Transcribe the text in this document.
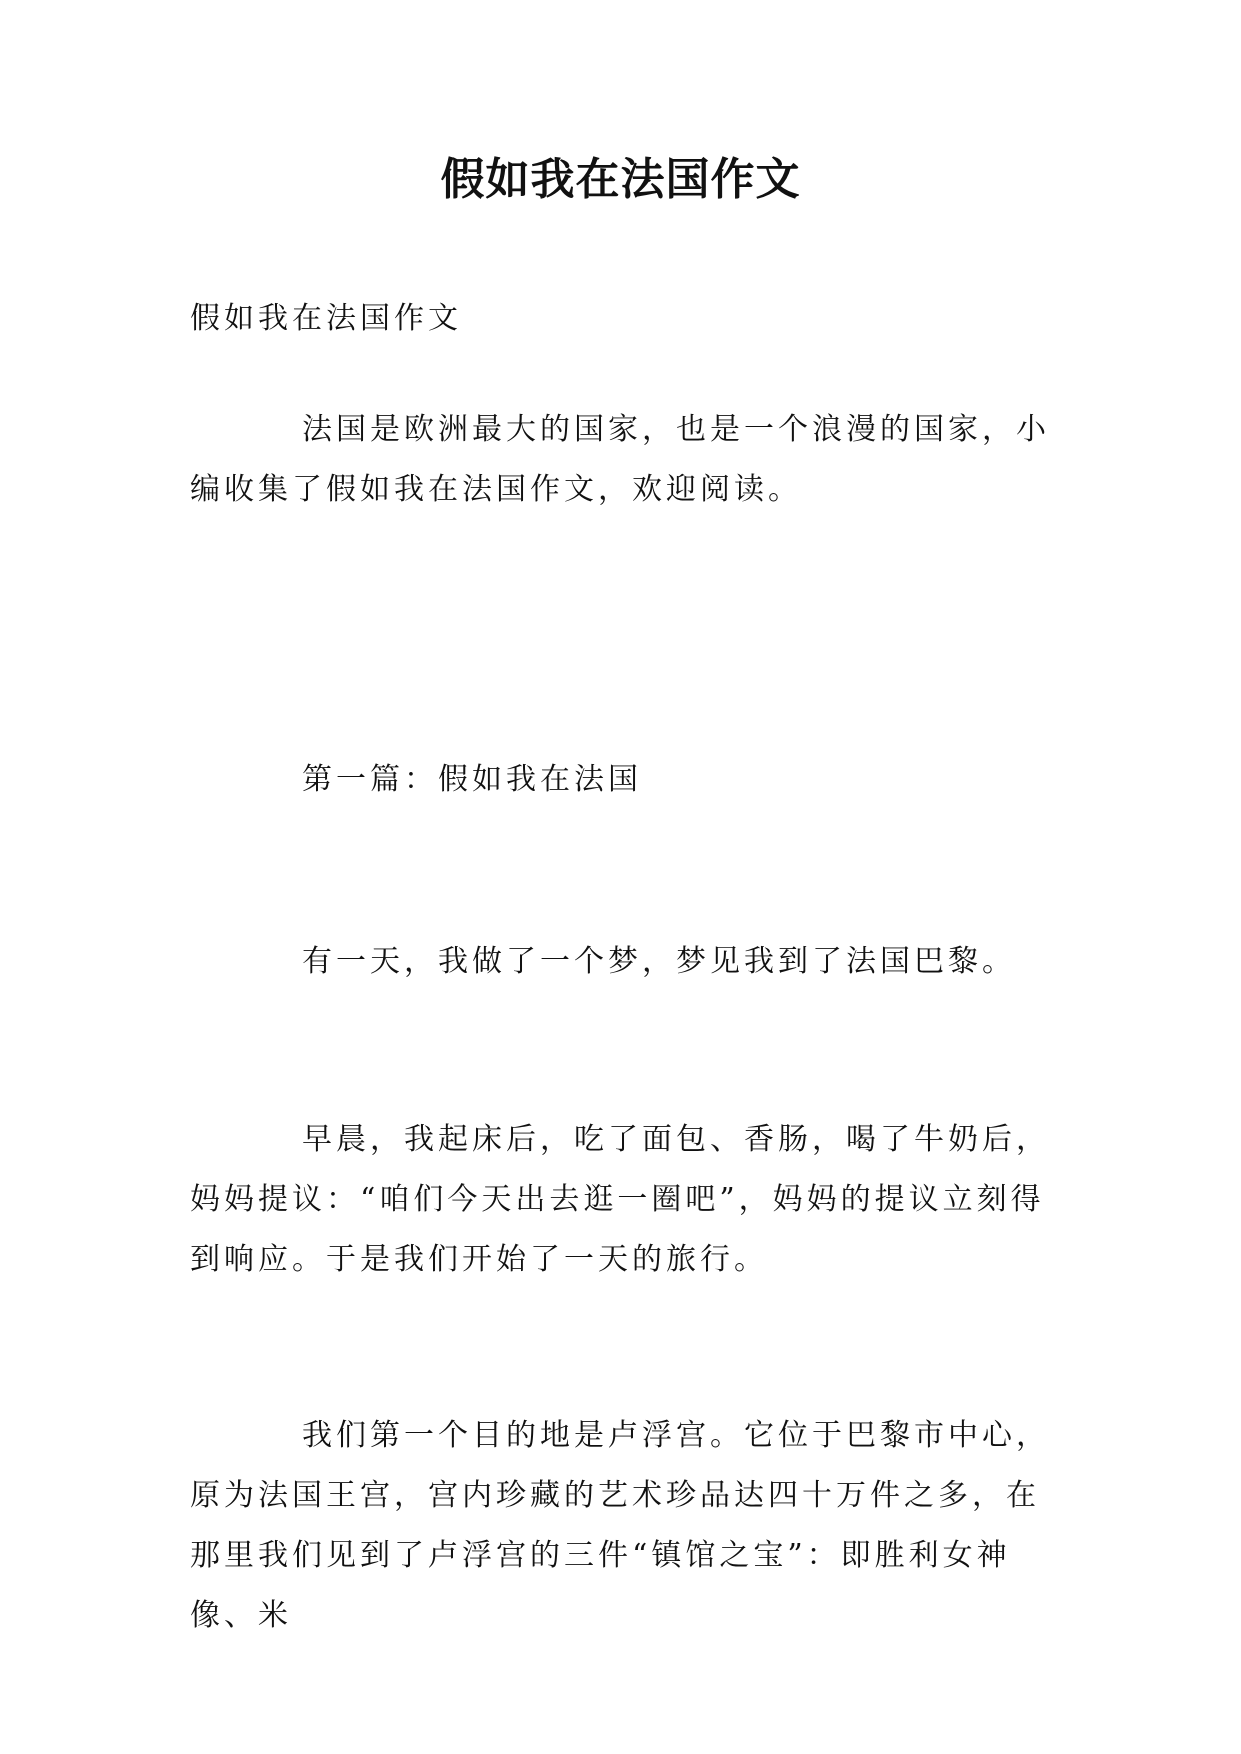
假如我在法国作文

假如我在法国作文

法国是欧洲最大的国家，也是一个浪漫的国家，小编收集了假如我在法国作文，欢迎阅读。

第一篇：假如我在法国

有一天，我做了一个梦，梦见我到了法国巴黎。

早晨，我起床后，吃了面包、香肠，喝了牛奶后，妈妈提议：“咱们今天出去逛一圈吧”，妈妈的提议立刻得到响应。于是我们开始了一天的旅行。

我们第一个目的地是卢浮宫。它位于巴黎市中心，原为法国王宫，宫内珍藏的艺术珍品达四十万件之多，在那里我们见到了卢浮宫的三件“镇馆之宝”：即胜利女神像、米
